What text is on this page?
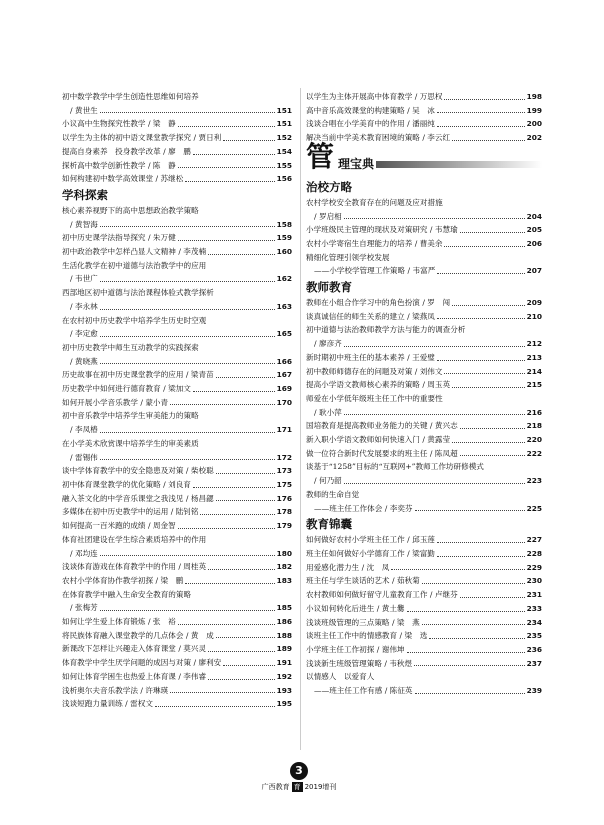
初中数学教学中学生创造性思维如何培养
/ 黄世生	151
小议高中生物探究性教学 / 梁　静	151
以学生为主体的初中语文课堂教学探究 / 贾日利	152
提高自身素养　投身教学改革 / 廖　鹏	154
探析高中数学创新性教学 / 陈　静	155
如何构建初中数学高效课堂 / 苏继松	156
学科探索
核心素养视野下的高中思想政治教学策略
/ 黄智海	158
初中历史课学法指导探究 / 朱万健	159
初中政治教学中怎样凸显人文精神 / 李茂楠	160
生活化教学在初中道德与法治教学中的应用
/ 韦世广	162
西部地区初中道德与法治课程体验式教学探析
/ 李永林	163
在农村初中历史教学中培养学生历史时空观
/ 李定愈	165
初中历史教学中师生互动教学的实践探索
/ 黄晓燕	166
历史故事在初中历史课堂教学的应用 / 梁青苗	167
历史教学中如何进行德育教育 / 梁加文	169
如何开展小学音乐教学 / 蒙小青	170
初中音乐教学中培养学生审美能力的策略
/ 李凤椿	171
在小学美术欣赏课中培养学生的审美素质
/ 雷锡伟	172
谈中学体育教学中的安全隐患及对策 / 柴校聪	173
初中体育课堂教学的优化策略 / 刘良育	175
融入茶文化的中学音乐课堂之我浅见 / 杨昌勰	176
多媒体在初中历史教学中的运用 / 陆钊铭	178
如何提高一百米跑的成绩 / 周金智	179
体育社团建设在学生综合素质培养中的作用
/ 邓均连	180
浅谈体育游戏在体育教学中的作用 / 周桂英	182
农村小学体育协作教学初探 / 梁　鹏	183
在体育教学中融入生命安全教育的策略
/ 张梅芳	185
如何让学生爱上体育锻炼 / 张　裕	186
将民族体育融入课堂教学的几点体会 / 黄　成	188
新课改下怎样让兴趣走入体育课堂 / 莫兴灵	189
体育教学中学生厌学问题的成因与对策 / 廖利安	191
如何让体育学困生也热爱上体育课 / 李伟睿	192
浅析奥尔夫音乐教学法 / 许琳瑛	193
浅谈短跑力量训练 / 雷权文	195
以学生为主体开展高中体育教学 / 万思权	198
高中音乐高效课堂的构建策略 / 吴　冰	199
浅谈合唱在小学美育中的作用 / 潘丽纯	200
解决当前中学美术教育困境的策略 / 李云红	202
管 理宝典
治校方略
农村学校安全教育存在的问题及应对措施
/ 罗启相	204
小学班级民主管理的现状及对策研究 / 韦慧瑜	205
农村小学寄宿生自理能力的培养 / 曹美余	206
精细化管理引领学校发展
——小学校学管理工作策略 / 韦富严	207
教师教育
教师在小组合作学习中的角色扮演 / 罗　闯	209
谈真诚信任的师生关系的建立 / 梁燕凤	210
初中道德与法治教师教学方法与能力的调查分析
/ 廖彦齐	212
新时期初中班主任的基本素养 / 王爱璧	213
初中教师师德存在的问题及对策 / 刘伟文	214
提高小学语文教师核心素养的策略 / 周玉英	215
师爱在小学低年级班主任工作中的重要性
/ 耿小萍	216
国培教育是提高教师业务能力的关键 / 黄兴志	218
新入职小学语文教师如何快速入门 / 黄露莹	220
做一位符合新时代发展要求的班主任 / 陈凤超	222
谈基于“1258”目标的“互联网+”教师工作坊研修模式
/ 何乃韶	223
教师的生命自觉
——班主任工作体会 / 李奕芬	225
教育锦囊
如何做好农村小学班主任工作 / 邱玉莲	227
班主任如何做好小学德育工作 / 梁富勤	228
用爱感化潜力生 / 沈　凤	229
班主任与学生谈话的艺术 / 茹秋菊	230
农村教师如何做好留守儿童教育工作 / 卢继芬	231
小议如何转化后进生 / 黄土爨	233
浅谈班级管理的三点策略 / 梁　燕	234
谈班主任工作中的情感教育 / 梁　选	235
小学班主任工作初探 / 谢伟坤	236
浅谈新生班级管理策略 / 韦秋煜	237
以情感人　以爱育人
——班主任工作有感 / 陈征英	239
3
广西教育 育 2019增刊
